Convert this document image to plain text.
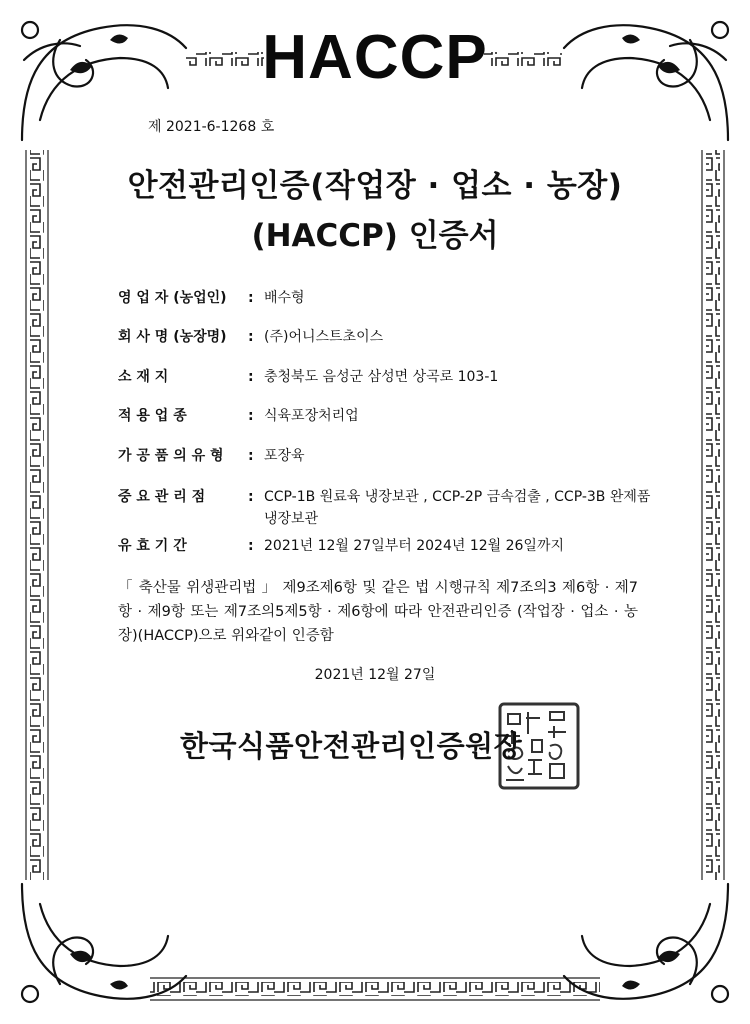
HACCP
제 2021-6-1268 호
안전관리인증(작업장 · 업소 · 농장)
(HACCP) 인증서
영 업 자 (농업인)	: 배수형
회 사 명 (농장명)	: (주)어니스트초이스
소 재 지	: 충청북도 음성군 삼성면 상곡로 103-1
적 용 업 종	: 식육포장처리업
가 공 품 의 유 형	: 포장육
중 요 관 리 점	: CCP-1B 원료육 냉장보관 , CCP-2P 금속검출 , CCP-3B 완제품 냉장보관
유 효 기 간	: 2021년 12월 27일부터 2024년 12월 26일까지
「 축산물 위생관리법 」 제9조제6항 및 같은 법 시행규칙 제7조의3 제6항 · 제7항 · 제9항 또는 제7조의5제5항 · 제6항에 따라 안전관리인증 (작업장 · 업소 · 농장)(HACCP)으로 위와같이 인증함
2021년 12월 27일
한국식품안전관리인증원장
